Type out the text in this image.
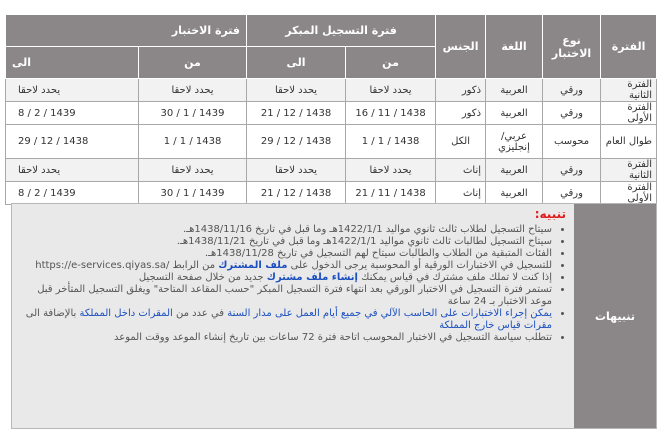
الفترة	نوع الاختبار	اللغة	الجنس	فترة التسجيل المبكر		فترة الاختبار	
				من	الى	من	الى
الفترة الثانية	ورقي	العربية	ذكور	يحدد لاحقا	يحدد لاحقا	يحدد لاحقا	يحدد لاحقا
الفترة الأولى	ورقي	العربية	ذكور	16 / 11 / 1438	21 / 12 / 1438	30 / 1 / 1439	8 / 2 / 1439
طوال العام	محوسب	عربي/ إنجليزي	الكل	1 / 1 / 1438	29 / 12 / 1438	1 / 1 / 1438	29 / 12 / 1438
الفترة الثانية	ورقي	العربية	إناث	يحدد لاحقا	يحدد لاحقا	يحدد لاحقا	يحدد لاحقا
الفترة الأولى	ورقي	العربية	إناث	21 / 11 / 1438	21 / 12 / 1438	30 / 1 / 1439	8 / 2 / 1439
تنبيهات
تنبيه:
• سيتاح التسجيل لطلاب ثالث ثانوي مواليد 1422/1/1هـ وما قبل في تاريخ 1438/11/16هـ.
• سيتاح التسجيل لطالبات ثالث ثانوي مواليد 1422/1/1هـ وما قبل في تاريخ 1438/11/21هـ.
• الفئات المتبقية من الطلاب والطالبات سيتاح لهم التسجيل في تاريخ 1438/11/28هـ.
• للتسجيل في الاختبارات الورقية أو المحوسبة يرجى الدخول على ملف المشترك من الرابط https://e-services.qiyas.sa/
• إذا كنت لا تملك ملف مشترك في قياس يمكنك إنشاء ملف مشترك جديد من خلال صفحة التسجيل
• تستمر فترة التسجيل في الاختبار الورقي بعد انتهاء فترة التسجيل المبكر "حسب المقاعد المتاحة" ويغلق التسجيل المتأخر قبل موعد الاختبار بـ 24 ساعة
• يمكن إجراء الاختبارات على الحاسب الآلي في جميع أيام العمل على مدار السنة في عدد من المقرات داخل المملكة بالإضافة الى مقرات قياس خارج المملكة
• تتطلب سياسة التسجيل في الاختبار المحوسب اتاحة فترة 72 ساعات بين تاريخ إنشاء الموعد ووقت الموعد
